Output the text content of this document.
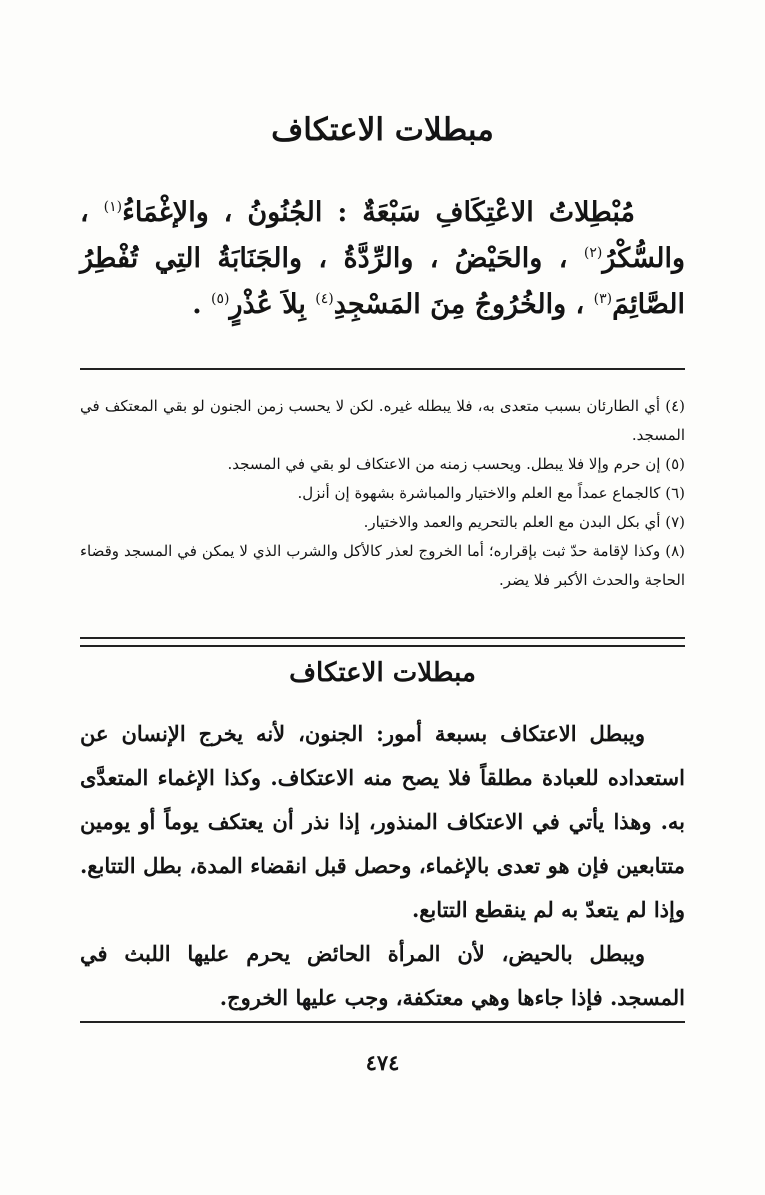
مبطلات الاعتكاف

مُبْطِلاتُ الاعْتِكَافِ سَبْعَةٌ : الجُنُونُ ، والإغْمَاءُ$^{(١)}$ ، والسُّكْرُ$^{(٢)}$ ، والحَيْضُ ، والرِّدَّةُ ، والجَنَابَةُ التِي تُفْطِرُ الصَّائِمَ$^{(٣)}$ ، والخُرُوجُ مِنَ المَسْجِدِ$^{(٤)}$ بِلاَ عُذْرٍ$^{(٥)}$ .

(٤) أي الطارئان بسبب متعدى به، فلا يبطله غيره. لكن لا يحسب زمن الجنون لو بقي المعتكف في المسجد.

(٥) إن حرم وإلا فلا يبطل. ويحسب زمنه من الاعتكاف لو بقي في المسجد.

(٦) كالجماع عمداً مع العلم والاختيار والمباشرة بشهوة إن أنزل.

(٧) أي بكل البدن مع العلم بالتحريم والعمد والاختيار.

(٨) وكذا لإقامة حدّ ثبت بإقراره؛ أما الخروج لعذر كالأكل والشرب الذي لا يمكن في المسجد وقضاء الحاجة والحدث الأكبر فلا يضر.

مبطلات الاعتكاف

ويبطل الاعتكاف بسبعة أمور: الجنون، لأنه يخرج الإنسان عن استعداده للعبادة مطلقاً فلا يصح منه الاعتكاف. وكذا الإغماء المتعدَّى به. وهذا يأتي في الاعتكاف المنذور، إذا نذر أن يعتكف يوماً أو يومين متتابعين فإن هو تعدى بالإغماء، وحصل قبل انقضاء المدة، بطل التتابع. وإذا لم يتعدّ به لم ينقطع التتابع.

ويبطل بالحيض، لأن المرأة الحائض يحرم عليها اللبث في المسجد. فإذا جاءها وهي معتكفة، وجب عليها الخروج.

٤٧٤
